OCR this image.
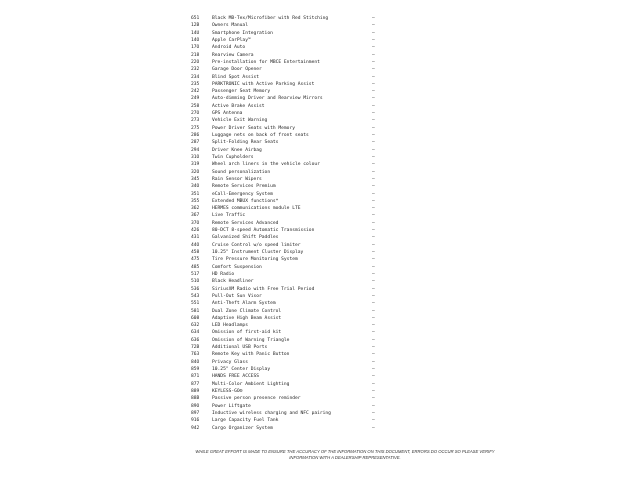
651	Black MB-Tex/Microfiber with Red Stitching	—
12B	Owners Manual	—
14U	Smartphone Integration	—
14O	Apple CarPlay™	—
17O	Android Auto	—
218	Rearview Camera	—
22O	Pre-installation for MBCE Entertainment	—
232	Garage Door Opener	—
234	Blind Spot Assist	—
235	PARKTRONIC with Active Parking Assist	—
242	Passenger Seat Memory	—
249	Auto-dimming Driver and Rearview Mirrors	—
258	Active Brake Assist	—
27O	GPS Antenna	—
273	Vehicle Exit Warning	—
275	Power Driver Seats with Memory	—
286	Luggage nets on back of front seats	—
287	Split-Folding Rear Seats	—
294	Driver Knee Airbag	—
31O	Twin Cupholders	—
319	Wheel arch liners in the vehicle colour	—
32O	Sound personalization	—
345	Rain Sensor Wipers	—
34O	Remote Services Premium	—
351	eCall-Emergency System	—
355	Extended MBUX functions*	—
362	HERMES communications module LTE	—
367	Live Traffic	—
37O	Remote Services Advanced	—
426	80-DCT 8-speed Automatic Transmission	—
431	Galvanized Shift Paddles	—
44O	Cruise Control w/o speed limiter	—
458	10.25" Instrument Cluster Display	—
475	Tire Pressure Monitoring System	—
485	Comfort Suspension	—
517	HD Radio	—
51O	Black Headliner	—
536	SiriusXM Radio with Free Trial Period	—
543	Pull-Out Sun Visor	—
551	Anti-Theft Alarm System	—
581	Dual Zone Climate Control	—
608	Adaptive High Beam Assist	—
632	LED Headlamps	—
634	Omission of first-aid kit	—
636	Omission of Warning Triangle	—
72B	Additional USB Ports	—
763	Remote Key with Panic Button	—
84O	Privacy Glass	—
859	10.25" Center Display	—
871	HANDS FREE ACCESS	—
877	Multi-Color Ambient Lighting	—
889	KEYLESS-GO®	—
88B	Passive person presence reminder	—
89O	Power Liftgate	—
897	Inductive wireless charging and NFC pairing	—
916	Large Capacity Fuel Tank	—
942	Cargo Organizer System	—
WHILE GREAT EFFORT IS MADE TO ENSURE THE ACCURACY OF THE INFORMATION ON THIS DOCUMENT, ERRORS DO OCCUR SO PLEASE VERIFY INFORMATION WITH A DEALERSHIP REPRESENTATIVE.
